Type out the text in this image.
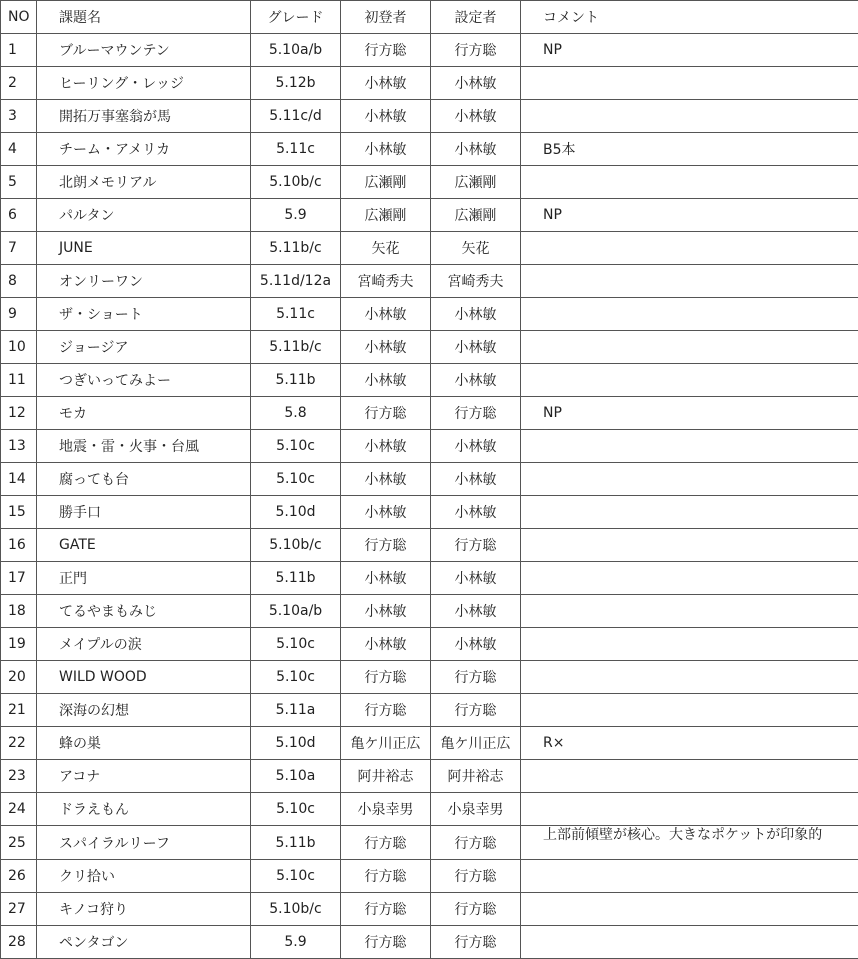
NO	課題名	グレード	初登者	設定者	コメント
1	ブルーマウンテン	5.10a/b	行方聡	行方聡	NP
2	ヒーリング・レッジ	5.12b	小林敏	小林敏	
3	開拓万事塞翁が馬	5.11c/d	小林敏	小林敏	
4	チーム・アメリカ	5.11c	小林敏	小林敏	B5本
5	北朗メモリアル	5.10b/c	広瀬剛	広瀬剛	
6	パルタン	5.9	広瀬剛	広瀬剛	NP
7	JUNE	5.11b/c	矢花	矢花	
8	オンリーワン	5.11d/12a	宮崎秀夫	宮崎秀夫	
9	ザ・ショート	5.11c	小林敏	小林敏	
10	ジョージア	5.11b/c	小林敏	小林敏	
11	つぎいってみよー	5.11b	小林敏	小林敏	
12	モカ	5.8	行方聡	行方聡	NP
13	地震・雷・火事・台風	5.10c	小林敏	小林敏	
14	腐っても台	5.10c	小林敏	小林敏	
15	勝手口	5.10d	小林敏	小林敏	
16	GATE	5.10b/c	行方聡	行方聡	
17	正門	5.11b	小林敏	小林敏	
18	てるやまもみじ	5.10a/b	小林敏	小林敏	
19	メイプルの涙	5.10c	小林敏	小林敏	
20	WILD WOOD	5.10c	行方聡	行方聡	
21	深海の幻想	5.11a	行方聡	行方聡	
22	蜂の巣	5.10d	亀ケ川正広	亀ケ川正広	R×
23	アコナ	5.10a	阿井裕志	阿井裕志	
24	ドラえもん	5.10c	小泉幸男	小泉幸男	
25	スパイラルリーフ	5.11b	行方聡	行方聡	上部前傾壁が核心。大きなポケットが印象的

26	クリ拾い	5.10c	行方聡	行方聡	
27	キノコ狩り	5.10b/c	行方聡	行方聡	
28	ペンタゴン	5.9	行方聡	行方聡	
